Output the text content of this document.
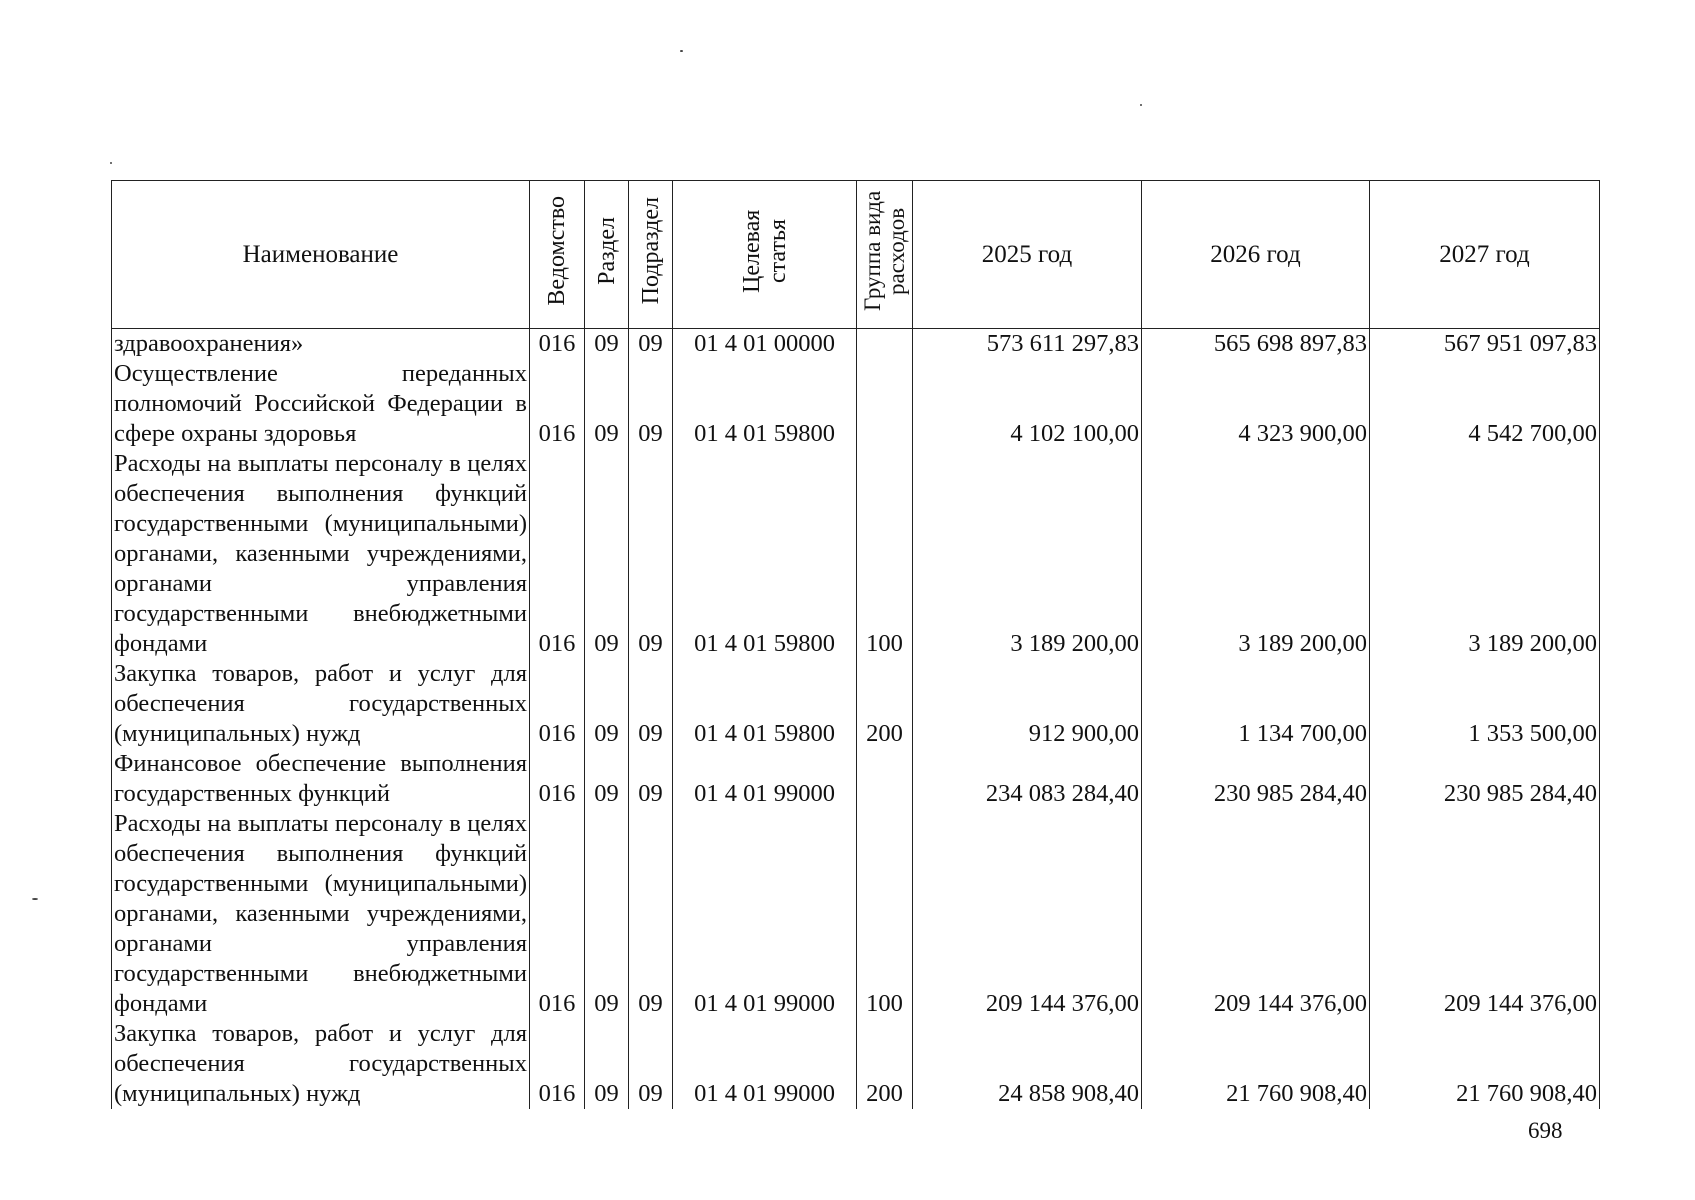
Наименование	Ведомство	Раздел	Подраздел	Целевая статья	Группа вида расходов	2025 год	2026 год	2027 год
здравоохранения»	016	09	09	01 4 01 00000		573 611 297,83	565 698 897,83	567 951 097,83
Осуществление переданных полномочий Российской Федерации в сфере охраны здоровья	016	09	09	01 4 01 59800		4 102 100,00	4 323 900,00	4 542 700,00
Расходы на выплаты персоналу в целях обеспечения выполнения функций государственными (муниципальными) органами, казенными учреждениями, органами управления государственными внебюджетными фондами	016	09	09	01 4 01 59800	100	3 189 200,00	3 189 200,00	3 189 200,00
Закупка товаров, работ и услуг для обеспечения государственных (муниципальных) нужд	016	09	09	01 4 01 59800	200	912 900,00	1 134 700,00	1 353 500,00
Финансовое обеспечение выполнения государственных функций	016	09	09	01 4 01 99000		234 083 284,40	230 985 284,40	230 985 284,40
Расходы на выплаты персоналу в целях обеспечения выполнения функций государственными (муниципальными) органами, казенными учреждениями, органами управления государственными внебюджетными фондами	016	09	09	01 4 01 99000	100	209 144 376,00	209 144 376,00	209 144 376,00
Закупка товаров, работ и услуг для обеспечения государственных (муниципальных) нужд	016	09	09	01 4 01 99000	200	24 858 908,40	21 760 908,40	21 760 908,40
698
